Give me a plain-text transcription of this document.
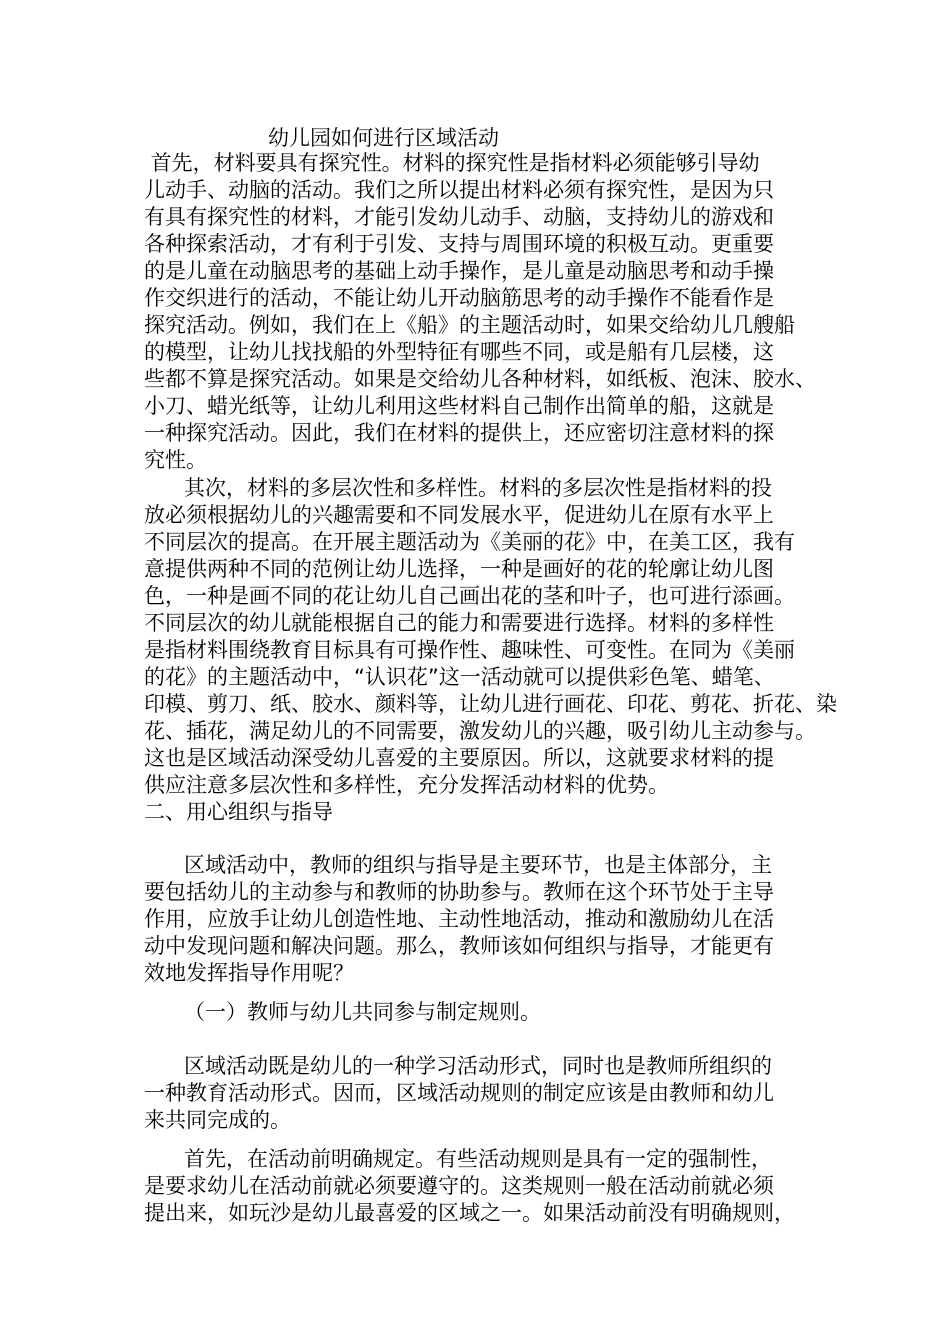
幼儿园如何进行区域活动
首先，材料要具有探究性。材料的探究性是指材料必须能够引导幼
儿动手、动脑的活动。我们之所以提出材料必须有探究性，是因为只
有具有探究性的材料，才能引发幼儿动手、动脑，支持幼儿的游戏和
各种探索活动，才有利于引发、支持与周围环境的积极互动。更重要
的是儿童在动脑思考的基础上动手操作，是儿童是动脑思考和动手操
作交织进行的活动，不能让幼儿开动脑筋思考的动手操作不能看作是
探究活动。例如，我们在上《船》的主题活动时，如果交给幼儿几艘船
的模型，让幼儿找找船的外型特征有哪些不同，或是船有几层楼，这
些都不算是探究活动。如果是交给幼儿各种材料，如纸板、泡沫、胶水、
小刀、蜡光纸等，让幼儿利用这些材料自己制作出简单的船，这就是
一种探究活动。因此，我们在材料的提供上，还应密切注意材料的探
究性。
其次，材料的多层次性和多样性。材料的多层次性是指材料的投
放必须根据幼儿的兴趣需要和不同发展水平，促进幼儿在原有水平上
不同层次的提高。在开展主题活动为《美丽的花》中，在美工区，我有
意提供两种不同的范例让幼儿选择，一种是画好的花的轮廓让幼儿图
色，一种是画不同的花让幼儿自己画出花的茎和叶子，也可进行添画。
不同层次的幼儿就能根据自己的能力和需要进行选择。材料的多样性
是指材料围绕教育目标具有可操作性、趣味性、可变性。在同为《美丽
的花》的主题活动中，“认识花”这一活动就可以提供彩色笔、蜡笔、
印模、剪刀、纸、胶水、颜料等，让幼儿进行画花、印花、剪花、折花、染
花、插花，满足幼儿的不同需要，激发幼儿的兴趣，吸引幼儿主动参与。
这也是区域活动深受幼儿喜爱的主要原因。所以，这就要求材料的提
供应注意多层次性和多样性，充分发挥活动材料的优势。
二、用心组织与指导
区域活动中，教师的组织与指导是主要环节，也是主体部分，主
要包括幼儿的主动参与和教师的协助参与。教师在这个环节处于主导
作用，应放手让幼儿创造性地、主动性地活动，推动和激励幼儿在活
动中发现问题和解决问题。那么，教师该如何组织与指导，才能更有
效地发挥指导作用呢？
（一）教师与幼儿共同参与制定规则。
区域活动既是幼儿的一种学习活动形式，同时也是教师所组织的
一种教育活动形式。因而，区域活动规则的制定应该是由教师和幼儿
来共同完成的。
首先，在活动前明确规定。有些活动规则是具有一定的强制性，
是要求幼儿在活动前就必须要遵守的。这类规则一般在活动前就必须
提出来，如玩沙是幼儿最喜爱的区域之一。如果活动前没有明确规则，
